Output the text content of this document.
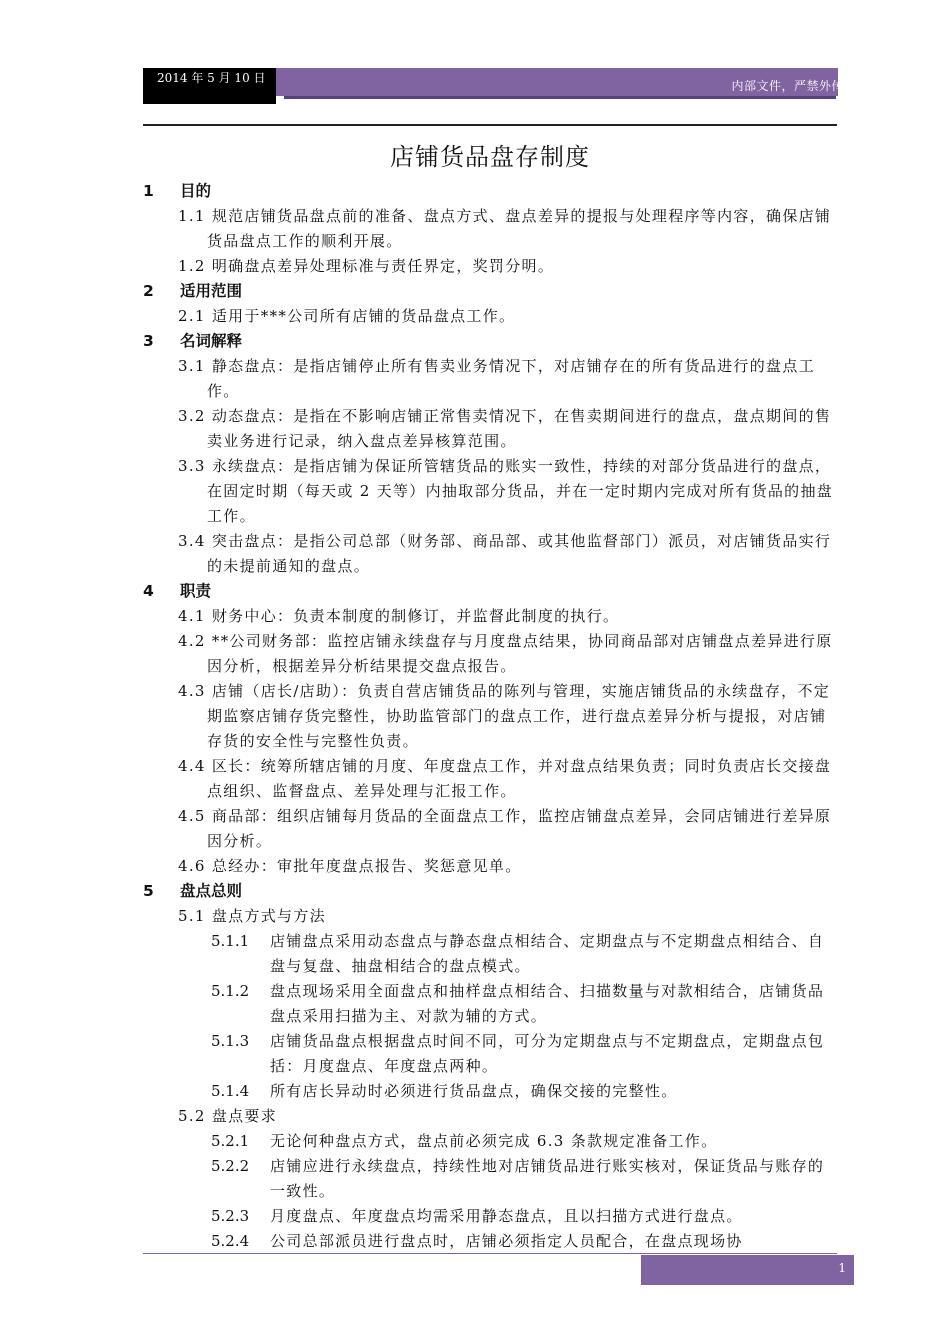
2014 年 5 月 10 日
内部文件，严禁外传
店铺货品盘存制度
1	目的
1.1 规范店铺货品盘点前的准备、盘点方式、盘点差异的提报与处理程序等内容，确保店铺货品盘点工作的顺利开展。
1.2 明确盘点差异处理标准与责任界定，奖罚分明。
2	适用范围
2.1 适用于***公司所有店铺的货品盘点工作。
3	名词解释
3.1 静态盘点：是指店铺停止所有售卖业务情况下，对店铺存在的所有货品进行的盘点工作。
3.2 动态盘点：是指在不影响店铺正常售卖情况下，在售卖期间进行的盘点，盘点期间的售卖业务进行记录，纳入盘点差异核算范围。
3.3 永续盘点：是指店铺为保证所管辖货品的账实一致性，持续的对部分货品进行的盘点，在固定时期（每天或 2 天等）内抽取部分货品，并在一定时期内完成对所有货品的抽盘工作。
3.4 突击盘点：是指公司总部（财务部、商品部、或其他监督部门）派员，对店铺货品实行的未提前通知的盘点。
4	职责
4.1 财务中心：负责本制度的制修订，并监督此制度的执行。
4.2 **公司财务部：监控店铺永续盘存与月度盘点结果，协同商品部对店铺盘点差异进行原因分析，根据差异分析结果提交盘点报告。
4.3 店铺（店长/店助）：负责自营店铺货品的陈列与管理，实施店铺货品的永续盘存，不定期监察店铺存货完整性，协助监管部门的盘点工作，进行盘点差异分析与提报，对店铺存货的安全性与完整性负责。
4.4 区长：统筹所辖店铺的月度、年度盘点工作，并对盘点结果负责；同时负责店长交接盘点组织、监督盘点、差异处理与汇报工作。
4.5 商品部：组织店铺每月货品的全面盘点工作，监控店铺盘点差异，会同店铺进行差异原因分析。
4.6 总经办：审批年度盘点报告、奖惩意见单。
5	盘点总则
5.1 盘点方式与方法
5.1.1	店铺盘点采用动态盘点与静态盘点相结合、定期盘点与不定期盘点相结合、自盘与复盘、抽盘相结合的盘点模式。
5.1.2	盘点现场采用全面盘点和抽样盘点相结合、扫描数量与对款相结合，店铺货品盘点采用扫描为主、对款为辅的方式。
5.1.3	店铺货品盘点根据盘点时间不同，可分为定期盘点与不定期盘点，定期盘点包括：月度盘点、年度盘点两种。
5.1.4	所有店长异动时必须进行货品盘点，确保交接的完整性。
5.2 盘点要求
5.2.1	无论何种盘点方式，盘点前必须完成 6.3 条款规定准备工作。
5.2.2	店铺应进行永续盘点，持续性地对店铺货品进行账实核对，保证货品与账存的一致性。
5.2.3	月度盘点、年度盘点均需采用静态盘点，且以扫描方式进行盘点。
5.2.4	公司总部派员进行盘点时，店铺必须指定人员配合，在盘点现场协
1
